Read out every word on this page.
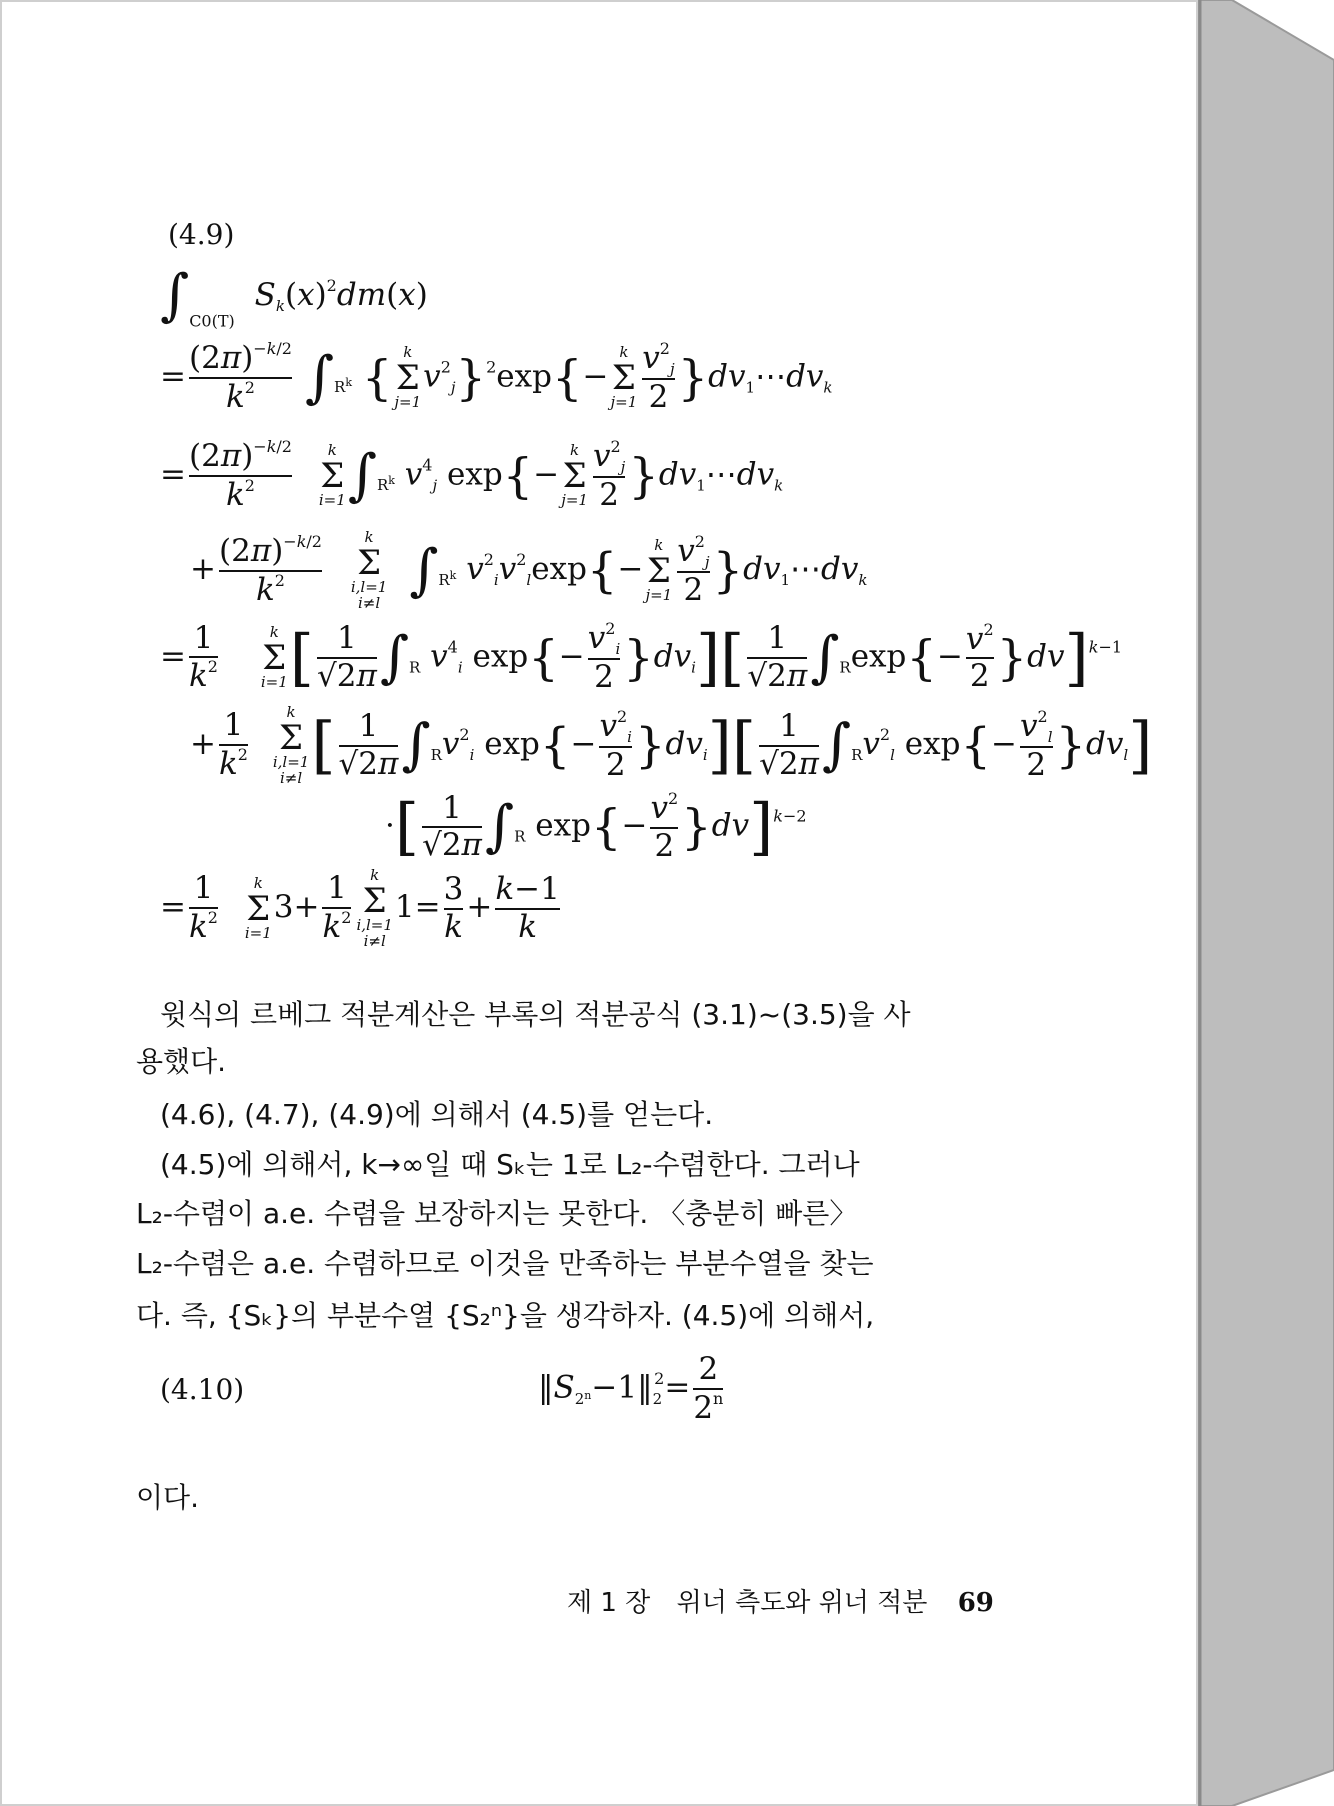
(4.9)
$\int_{C0(T)}$ $S_k(x)^2dm(x)$
= $\frac{(2\pi)^{-k/2}}{k^2} \int_{R^k}$ { k
Σ
j=1
$v^2_j\}^2\exp\{-$
k
Σ
$j=1 \frac{v^2_j}{2}$ }$dv_1\cdots dv_k$
= $\frac{(2\pi)^{-k/2}}{k^2}$
	k
Σ
i=1 $\int_{R^k}$ $v^4_j$ exp{−
k
Σ
$j=1 \frac{v^2_j}{2}$ }$dv_1\cdots dv_k$
+ $\frac{(2\pi)^{-k/2}}{k^2}$
	k
Σ
i,l=1
i≠l $\int_{R^k}$ $v^2_iv^2_l\exp\{-$
k
Σ
$j=1 \frac{v^2_j}{2}$ }$dv_1\cdots dv_k$
= $\frac{1}{k^2}$
	k
Σ
i=1 [ $\frac{1}{√2\pi} \int_R$ $v^4_i$ $\exp\{- \frac{v^2_i}{2} \}dv_i][ \frac{1}{√2\pi} \int_R\exp\{- \frac{v^2}{2} \}dv]^{k-1}$
+ $\frac{1}{k^2}$
	k
Σ
i,l=1
i≠l [ $\frac{1}{√2\pi} \int_Rv^2_i$ $\exp\{- \frac{v^2_i}{2} \}dv_i][ \frac{1}{√2\pi} \int_Rv^2_l$ $\exp\{- \frac{v^2_l}{2} \}dv_l$]
·[ $\frac{1}{√2\pi} \int_R$ $\exp\{- \frac{v^2}{2} \}dv]^{k-2}$
= $\frac{1}{k^2}$
	k
Σ
i=1
$3+ \frac{1}{k^2}$	k
Σ
i,l=1
i≠l
$1= \frac{3}{k} + \frac{k-1}{k}$
윗식의 르베그 적분계산은 부록의 적분공식 (3.1)~(3.5)을 사
용했다.
(4.6), (4.7), (4.9)에 의해서 (4.5)를 얻는다.
(4.5)에 의해서, k→∞일 때 Sₖ는 1로 L₂-수렴한다. 그러나
L₂-수렴이 a.e. 수렴을 보장하지는 못한다. 〈충분히 빠른〉
L₂-수렴은 a.e. 수렴하므로 이것을 만족하는 부분수열을 찾는
다. 즉, {Sₖ}의 부분수열 {S₂ⁿ}을 생각하자. (4.5)에 의해서,
(4.10)	$‖S_{2^n}-1‖_2^2= \frac{2}{2^n}$
이다.
제 1 장 위너 측도와 위너 적분 69
